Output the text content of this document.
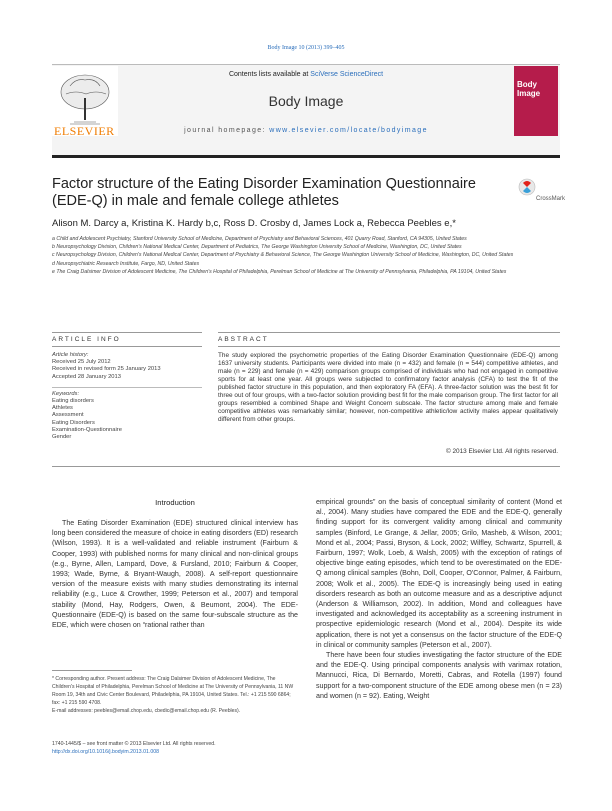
Body Image 10 (2013) 399–405
ELSEVIER
Contents lists available at SciVerse ScienceDirect
Body Image
journal homepage: www.elsevier.com/locate/bodyimage
Body Image
Factor structure of the Eating Disorder Examination Questionnaire (EDE-Q) in male and female college athletes	CrossMark
Alison M. Darcy a, Kristina K. Hardy b,c, Ross D. Crosby d, James Lock a, Rebecca Peebles e,*

a Child and Adolescent Psychiatry, Stanford University School of Medicine, Department of Psychiatry and Behavioral Sciences, 401 Quarry Road, Stanford, CA 94305, United States

b Neuropsychology Division, Children's National Medical Center, Department of Pediatrics, The George Washington University School of Medicine, Washington, DC, United States

c Neuropsychology Division, Children's National Medical Center, Department of Psychiatry & Behavioral Science, The George Washington University School of Medicine, Washington, DC, United States

d Neuropsychiatric Research Institute, Fargo, ND, United States

e The Craig Dalsimer Division of Adolescent Medicine, The Children's Hospital of Philadelphia, Perelman School of Medicine at The University of Pennsylvania, Philadelphia, PA 19104, United States

ARTICLE INFO	ABSTRACT
Article history:
Received 25 July 2012
Received in revised form 25 January 2013
Accepted 28 January 2013
Keywords:
Eating disorders
Athletes
Assessment
Eating Disorders
Examination-Questionnaire
Gender
The study explored the psychometric properties of the Eating Disorder Examination Questionnaire (EDE-Q) among 1637 university students. Participants were divided into male (n = 432) and female (n = 544) competitive athletes, and male (n = 229) and female (n = 429) comparison groups comprised of individuals who had not engaged in competitive sports for at least one year. All groups were subjected to confirmatory factor analysis (CFA) to test the fit of the published factor structure in this population, and then exploratory FA (EFA). A three-factor solution was the best fit for three out of four groups, with a two-factor solution providing best fit for the male comparison group. The first factor for all groups resembled a combined Shape and Weight Concern subscale. The factor structure among male and female competitive athletes was remarkably similar; however, non-competitive athletic/low activity males appear qualitatively different from other groups.
© 2013 Elsevier Ltd. All rights reserved.
Introduction

The Eating Disorder Examination (EDE) structured clinical interview has long been considered the measure of choice in eating disorders (ED) research (Wilson, 1993). It is a well-validated and reliable instrument (Fairburn & Cooper, 1993) with published norms for many clinical and non-clinical groups (e.g., Byrne, Allen, Lampard, Dove, & Fursland, 2010; Fairburn & Cooper, 1993; Wade, Byrne, & Bryant-Waugh, 2008). A self-report questionnaire version of the measure exists with many studies demonstrating its internal reliability (e.g., Luce & Crowther, 1999; Peterson et al., 2007) and temporal stability (Mond, Hay, Rodgers, Owen, & Beumont, 2004). The EDE-Questionnaire (EDE-Q) is based on the same four-subscale structure as the EDE, which were chosen on “rational rather than

empirical grounds” on the basis of conceptual similarity of content (Mond et al., 2004). Many studies have compared the EDE and the EDE-Q, generally finding support for its convergent validity among clinical and community samples (Binford, Le Grange, & Jellar, 2005; Grilo, Masheb, & Wilson, 2001; Mond et al., 2004; Passi, Bryson, & Lock, 2002; Wilfley, Schwartz, Spurrell, & Fairburn, 1997; Wolk, Loeb, & Walsh, 2005) with the exception of ratings of objective binge eating episodes, which tend to be overestimated on the EDE-Q among clinical samples (Bohn, Doll, Cooper, O'Connor, Palmer, & Fairburn, 2008; Wolk et al., 2005). The EDE-Q is increasingly being used in eating disorders research as both an outcome measure and as a descriptive adjunct (Anderson & Williamson, 2002). In addition, Mond and colleagues have investigated and acknowledged its acceptability as a screening instrument in prospective epidemiologic research (Mond et al., 2004). Despite its wide application, there is not yet a consensus on the factor structure of the EDE-Q in clinical or community samples (Peterson et al., 2007).

There have been four studies investigating the factor structure of the EDE and the EDE-Q. Using principal components analysis with varimax rotation, Mannucci, Rica, Di Bernardo, Moretti, Cabras, and Rotella (1997) found support for a two-component structure of the EDE among obese men (n = 23) and women (n = 92). Eating, Weight

* Corresponding author. Present address: The Craig Dalsimer Division of Adolescent Medicine, The Children's Hospital of Philadelphia, Perelman School of Medicine at The University of Pennsylvania, 11 NW Room 19, 34th and Civic Center Boulevard, Philadelphia, PA 19104, United States. Tel.: +1 215 590 6864; fax: +1 215 590 4708.

E-mail addresses: peebles@email.chop.edu, cbedic@email.chop.edu (R. Peebles).

1740-1445/$ – see front matter © 2013 Elsevier Ltd. All rights reserved.
http://dx.doi.org/10.1016/j.bodyim.2013.01.008
